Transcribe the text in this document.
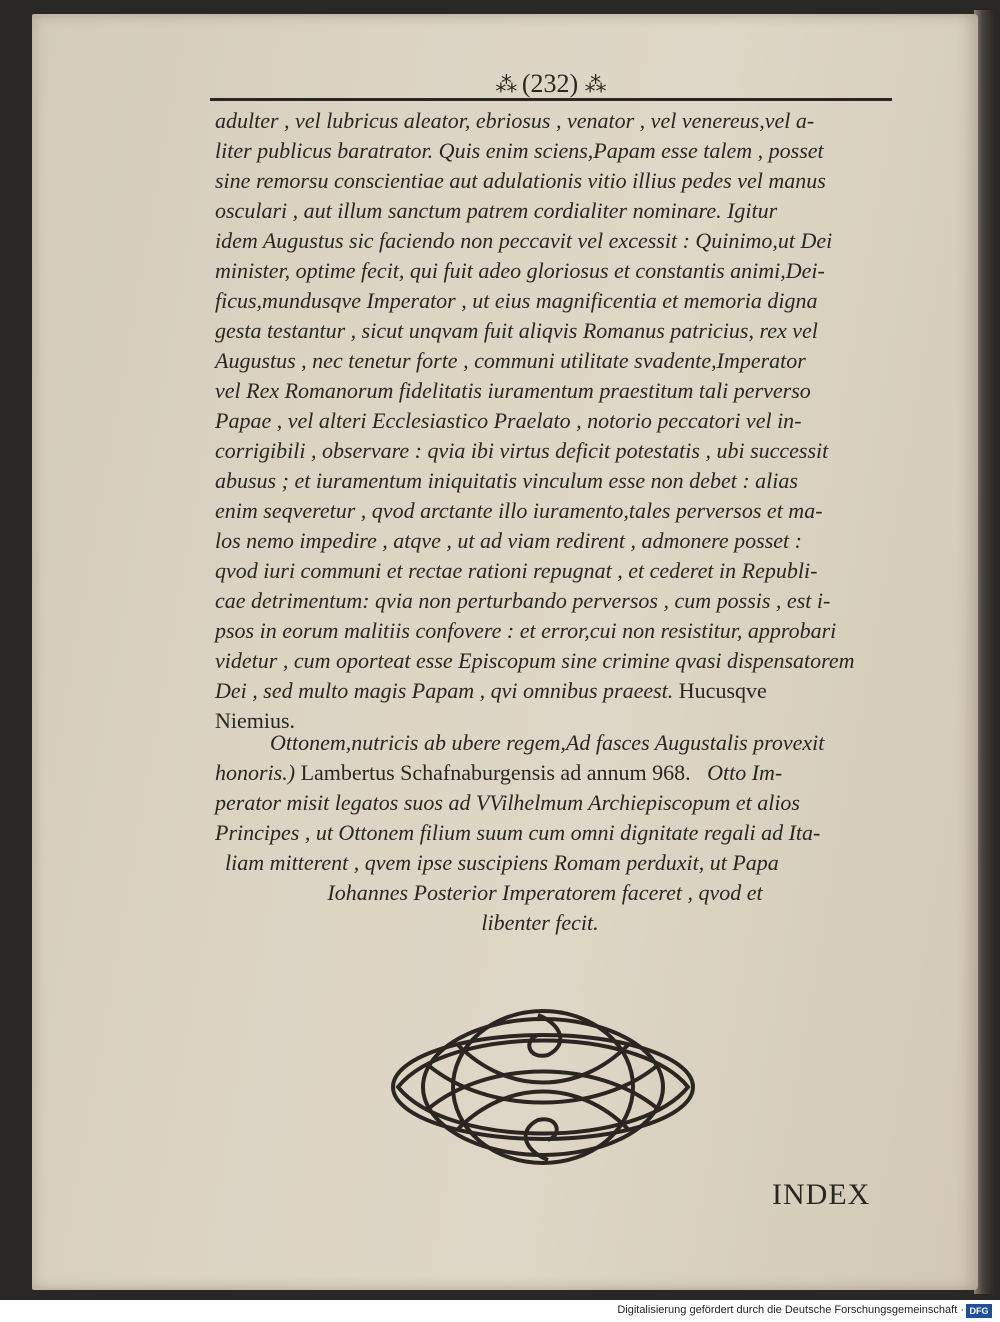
⁂ (232) ⁂
adulter , vel lubricus aleator, ebriosus , venator , vel venereus,vel a-
liter publicus baratrator. Quis enim sciens,Papam esse talem , posset
sine remorsu conscientiae aut adulationis vitio illius pedes vel manus
osculari , aut illum sanctum patrem cordialiter nominare. Igitur
idem Augustus sic faciendo non peccavit vel excessit : Quinimo,ut Dei
minister, optime fecit, qui fuit adeo gloriosus et constantis animi,Dei-
ficus,mundusqve Imperator , ut eius magnificentia et memoria digna
gesta testantur , sicut unqvam fuit aliqvis Romanus patricius, rex vel
Augustus , nec tenetur forte , communi utilitate svadente,Imperator
vel Rex Romanorum fidelitatis iuramentum praestitum tali perverso
Papae , vel alteri Ecclesiastico Praelato , notorio peccatori vel in-
corrigibili , observare : qvia ibi virtus deficit potestatis , ubi successit
abusus ; et iuramentum iniquitatis vinculum esse non debet : alias
enim seqveretur , qvod arctante illo iuramento,tales perversos et ma-
los nemo impedire , atqve , ut ad viam redirent , admonere posset :
qvod iuri communi et rectae rationi repugnat , et cederet in Republi-
cae detrimentum: qvia non perturbando perversos , cum possis , est i-
psos in eorum malitiis confovere : et error,cui non resistitur, approbari
videtur , cum oporteat esse Episcopum sine crimine qvasi dispensatorem
Dei , sed multo magis Papam , qvi omnibus praeest. Hucusqve
Niemius.
Ottonem,nutricis ab ubere regem,Ad fasces Augustalis provexit
honoris.) Lambertus Schafnaburgensis ad annum 968. Otto Im-
perator misit legatos suos ad VVilhelmum Archiepiscopum et alios
Principes , ut Ottonem filium suum cum omni dignitate regali ad Ita-
liam mitterent , qvem ipse suscipiens Romam perduxit, ut Papa
Iohannes Posterior Imperatorem faceret , qvod et
libenter fecit.
INDEX
Digitalisierung gefördert durch die Deutsche Forschungsgemeinschaft · DFG
